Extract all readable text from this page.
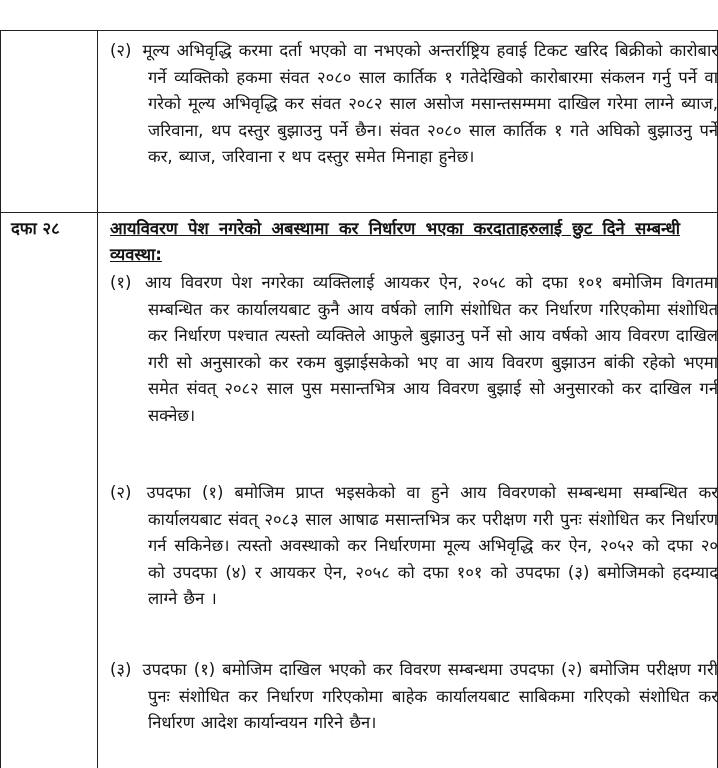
(२) मूल्य अभिवृद्धि करमा दर्ता भएको वा नभएको अन्तर्राष्ट्रिय हवाई टिकट खरिद बिक्रीको कारोबार गर्ने व्यक्तिको हकमा संवत २०८० साल कार्तिक १ गतेदेखिको कारोबारमा संकलन गर्नु पर्ने वा गरेको मूल्य अभिवृद्धि कर संवत २०८२ साल असोज मसान्तसम्ममा दाखिल गरेमा लाग्ने ब्याज, जरिवाना, थप दस्तुर बुझाउनु पर्ने छैन। संवत २०८० साल कार्तिक १ गते अघिको बुझाउनु पर्ने कर, ब्याज, जरिवाना र थप दस्तुर समेत मिनाहा हुनेछ।
दफा २८	आयविवरण पेश नगरेको अबस्थामा कर निर्धारण भएका करदाताहरुलाई छुट दिने सम्बन्धी व्यवस्था:
(१) आय विवरण पेश नगरेका व्यक्तिलाई आयकर ऐन, २०५८ को दफा १०१ बमोजिम विगतमा सम्बन्धित कर कार्यालयबाट कुनै आय वर्षको लागि संशोधित कर निर्धारण गरिएकोमा संशोधित कर निर्धारण पश्चात त्यस्तो व्यक्तिले आफुले बुझाउनु पर्ने सो आय वर्षको आय विवरण दाखिल गरी सो अनुसारको कर रकम बुझाईसकेको भए वा आय विवरण बुझाउन बांकी रहेको भएमा समेत संवत् २०८२ साल पुस मसान्तभित्र आय विवरण बुझाई सो अनुसारको कर दाखिल गर्न सक्नेछ।
(२) उपदफा (१) बमोजिम प्राप्त भइसकेको वा हुने आय विवरणको सम्बन्धमा सम्बन्धित कर कार्यालयबाट संवत् २०८३ साल आषाढ मसान्तभित्र कर परीक्षण गरी पुनः संशोधित कर निर्धारण गर्न सकिनेछ। त्यस्तो अवस्थाको कर निर्धारणमा मूल्य अभिवृद्धि कर ऐन, २०५२ को दफा २० को उपदफा (४) र आयकर ऐन, २०५८ को दफा १०१ को उपदफा (३) बमोजिमको हदम्याद लाग्ने छैन ।
(३) उपदफा (१) बमोजिम दाखिल भएको कर विवरण सम्बन्धमा उपदफा (२) बमोजिम परीक्षण गरी पुनः संशोधित कर निर्धारण गरिएकोमा बाहेक कार्यालयबाट साबिकमा गरिएको संशोधित कर निर्धारण आदेश कार्यान्वयन गरिने छैन।
